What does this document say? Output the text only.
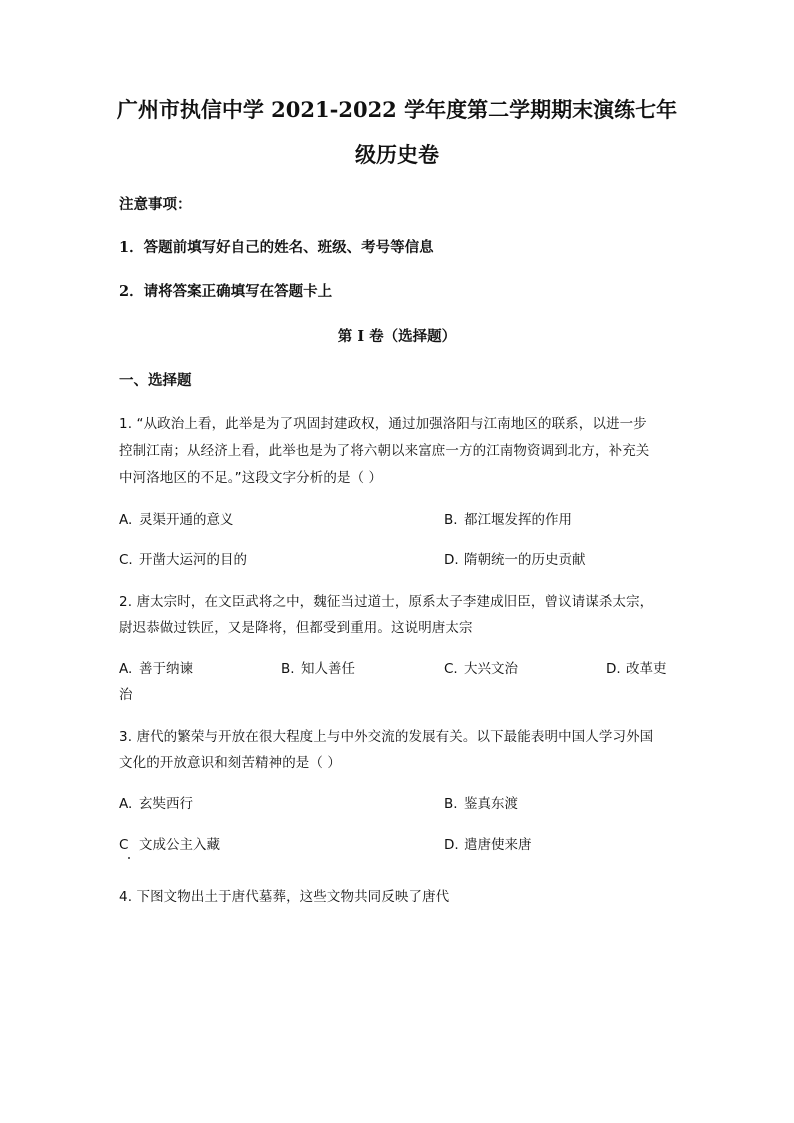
广州市执信中学 2021-2022 学年度第二学期期末演练七年
级历史卷
注意事项：
1．答题前填写好自己的姓名、班级、考号等信息
2．请将答案正确填写在答题卡上
第 I 卷（选择题）
一、选择题
1. “从政治上看，此举是为了巩固封建政权，通过加强洛阳与江南地区的联系，以进一步
控制江南；从经济上看，此举也是为了将六朝以来富庶一方的江南物资调到北方，补充关
中河洛地区的不足。”这段文字分析的是（ ）
A. 灵渠开通的意义	B. 都江堰发挥的作用
C. 开凿大运河的目的	D. 隋朝统一的历史贡献
2. 唐太宗时，在文臣武将之中，魏征当过道士，原系太子李建成旧臣，曾议请谋杀太宗，
尉迟恭做过铁匠，又是降将，但都受到重用。这说明唐太宗
A. 善于纳谏	B. 知人善任	C. 大兴文治	D. 改革吏
治
3. 唐代的繁荣与开放在很大程度上与中外交流的发展有关。以下最能表明中国人学习外国
文化的开放意识和刻苦精神的是（ ）
A. 玄奘西行	B. 鉴真东渡
C 文成公主入藏	D. 遣唐使来唐
4. 下图文物出土于唐代墓葬，这些文物共同反映了唐代
